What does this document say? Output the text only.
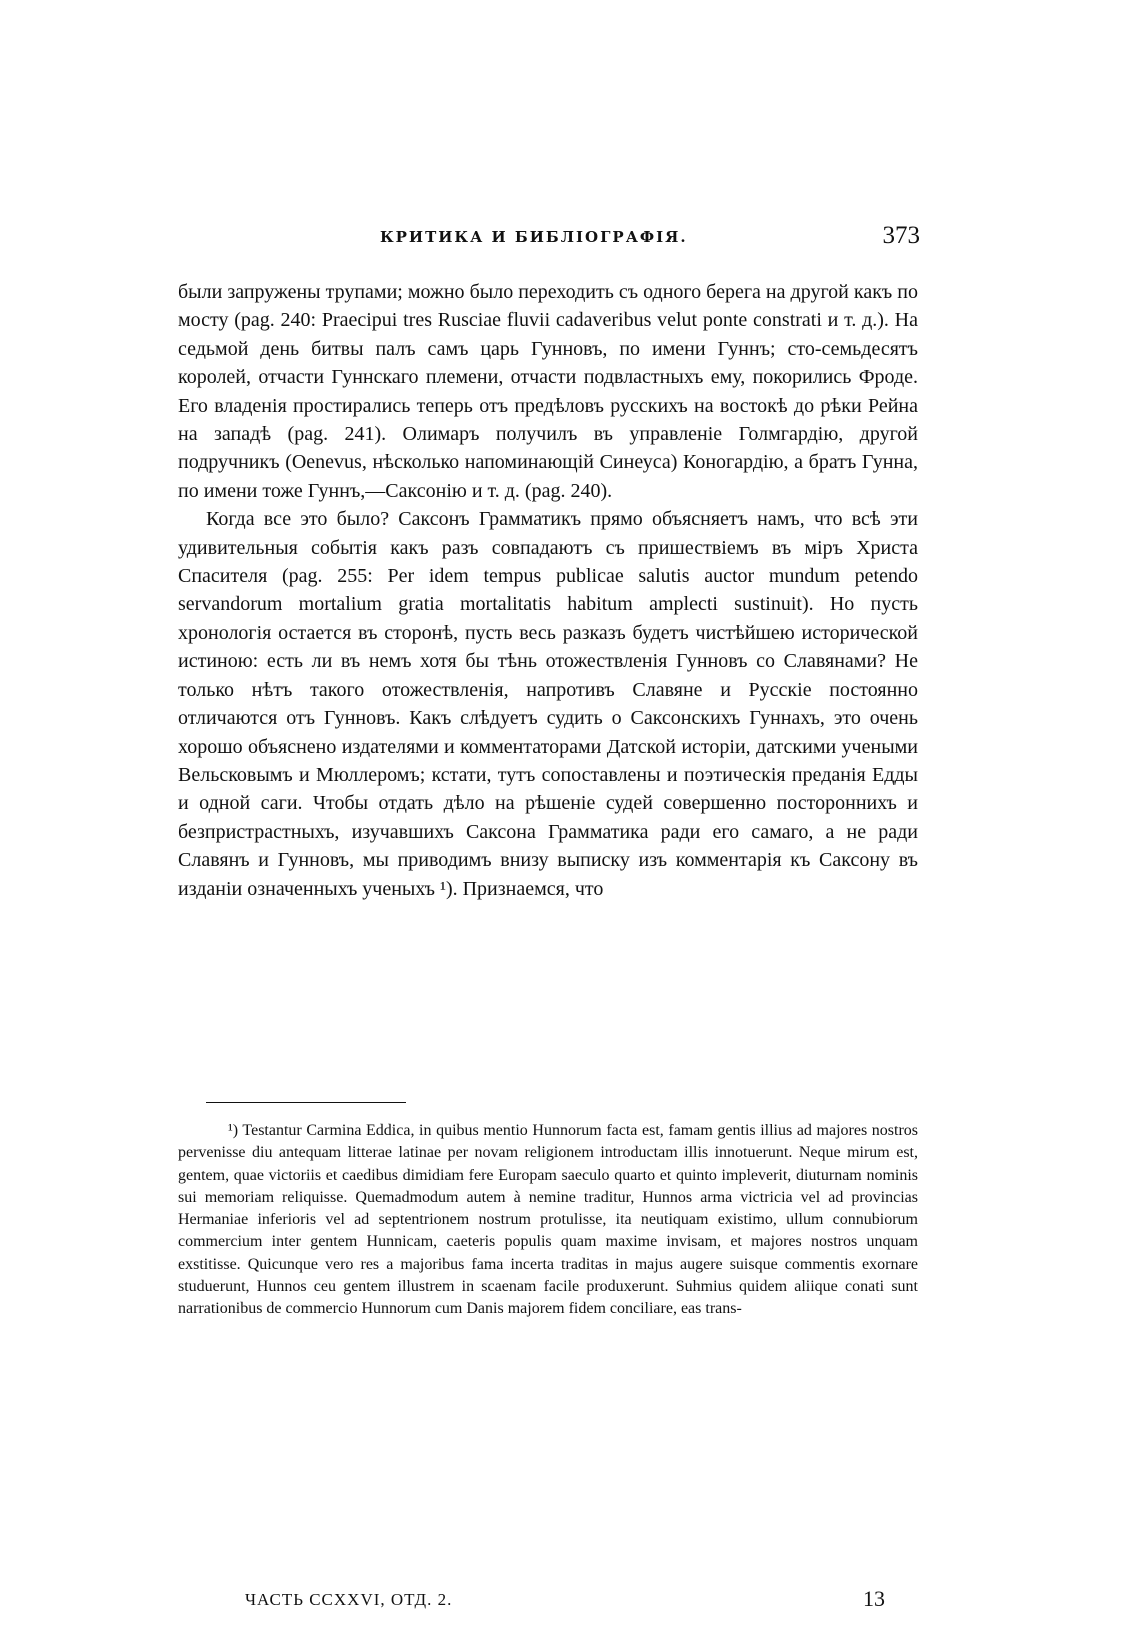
КРИТИКА И БИБЛІОГРАФІЯ.	373

были запружены трупами; можно было переходить съ одного берега на другой какъ по мосту (pag. 240: Praecipui tres Rusciae fluvii cadaveribus velut ponte constrati и т. д.). На седьмой день битвы палъ самъ царь Гунновъ, по имени Гуннъ; сто-семьдесятъ королей, отчасти Гуннскаго племени, отчасти подвластныхъ ему, покорились Фроде. Его владенія простирались теперь отъ предѣловъ русскихъ на востокѣ до рѣки Рейна на западѣ (pag. 241). Олимаръ получилъ въ управленіе Голмгардію, другой подручникъ (Oenevus, нѣсколько напоминающій Синеуса) Коногардію, а братъ Гунна, по имени тоже Гуннъ,—Саксонію и т. д. (pag. 240).

Когда все это было? Саксонъ Грамматикъ прямо объясняетъ намъ, что всѣ эти удивительныя событія какъ разъ совпадаютъ съ пришествіемъ въ міръ Христа Спасителя (pag. 255: Per idem tempus publicae salutis auctor mundum petendo servandorum mortalium gratia mortalitatis habitum amplecti sustinuit). Но пусть хронологія остается въ сторонѣ, пусть весь разказъ будетъ чистѣйшею исторической истиною: есть ли въ немъ хотя бы тѣнь отожествленія Гунновъ со Славянами? Не только нѣтъ такого отожествленія, напротивъ Славяне и Русскіе постоянно отличаются отъ Гунновъ. Какъ слѣдуетъ судить о Саксонскихъ Гуннахъ, это очень хорошо объяснено издателями и комментаторами Датской исторіи, датскими учеными Вельсковымъ и Мюллеромъ; кстати, тутъ сопоставлены и поэтическія преданія Едды и одной саги. Чтобы отдать дѣло на рѣшеніе судей совершенно постороннихъ и безпристрастныхъ, изучавшихъ Саксона Грамматика ради его самаго, а не ради Славянъ и Гунновъ, мы приводимъ внизу выписку изъ комментарія къ Саксону въ изданіи означенныхъ ученыхъ ¹). Признаемся, что

¹) Testantur Carmina Eddica, in quibus mentio Hunnorum facta est, famam gentis illius ad majores nostros pervenisse diu antequam litterae latinae per novam religionem introductam illis innotuerunt. Neque mirum est, gentem, quae victoriis et caedibus dimidiam fere Europam saeculo quarto et quinto impleverit, diuturnam nominis sui memoriam reliquisse. Quemadmodum autem à nemine traditur, Hunnos arma victricia vel ad provincias Hermaniae inferioris vel ad septentrionem nostrum protulisse, ita neutiquam existimo, ullum connubiorum commercium inter gentem Hunnicam, caeteris populis quam maxime invisam, et majores nostros unquam exstitisse. Quicunque vero res a majoribus fama incerta traditas in majus augere suisque commentis exornare studuerunt, Hunnos ceu gentem illustrem in scaenam facile produxerunt. Suhmius quidem aliique conati sunt narrationibus de commercio Hunnorum cum Danis majorem fidem conciliare, eas trans-
ЧАСТЬ CCXXVI, ОТД. 2.	13
